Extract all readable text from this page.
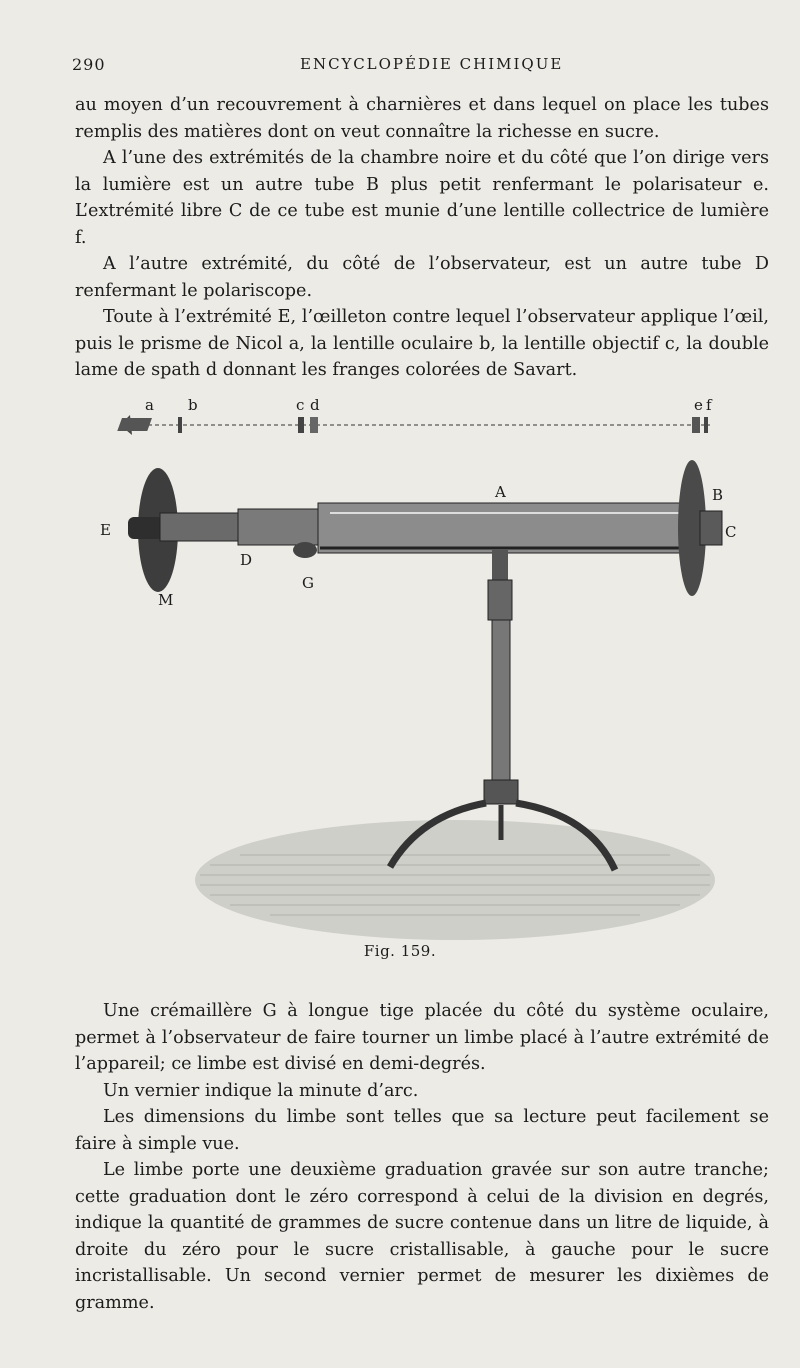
290	ENCYCLOPÉDIE CHIMIQUE

au moyen d’un recouvrement à charnières et dans lequel on place les tubes remplis des matières dont on veut connaître la richesse en sucre.

A l’une des extrémités de la chambre noire et du côté que l’on dirige vers la lumière est un autre tube B plus petit renfermant le polarisateur e. L’extrémité libre C de ce tube est munie d’une lentille collectrice de lumière f.

A l’autre extrémité, du côté de l’observateur, est un autre tube D renfermant le polariscope.

Toute à l’extrémité E, l’œilleton contre lequel l’observateur applique l’œil, puis le prisme de Nicol a, la lentille oculaire b, la lentille objectif c, la double lame de spath d donnant les franges colorées de Savart.

a b	c d	e f
A	B
C
D
E
G
M
Fig. 159.

Une crémaillère G à longue tige placée du côté du système oculaire, permet à l’observateur de faire tourner un limbe placé à l’autre extrémité de l’appareil; ce limbe est divisé en demi-degrés.

Un vernier indique la minute d’arc.

Les dimensions du limbe sont telles que sa lecture peut facilement se faire à simple vue.

Le limbe porte une deuxième graduation gravée sur son autre tranche; cette graduation dont le zéro correspond à celui de la division en degrés, indique la quantité de grammes de sucre contenue dans un litre de liquide, à droite du zéro pour le sucre cristallisable, à gauche pour le sucre incristallisable. Un second vernier permet de mesurer les dixièmes de gramme.
